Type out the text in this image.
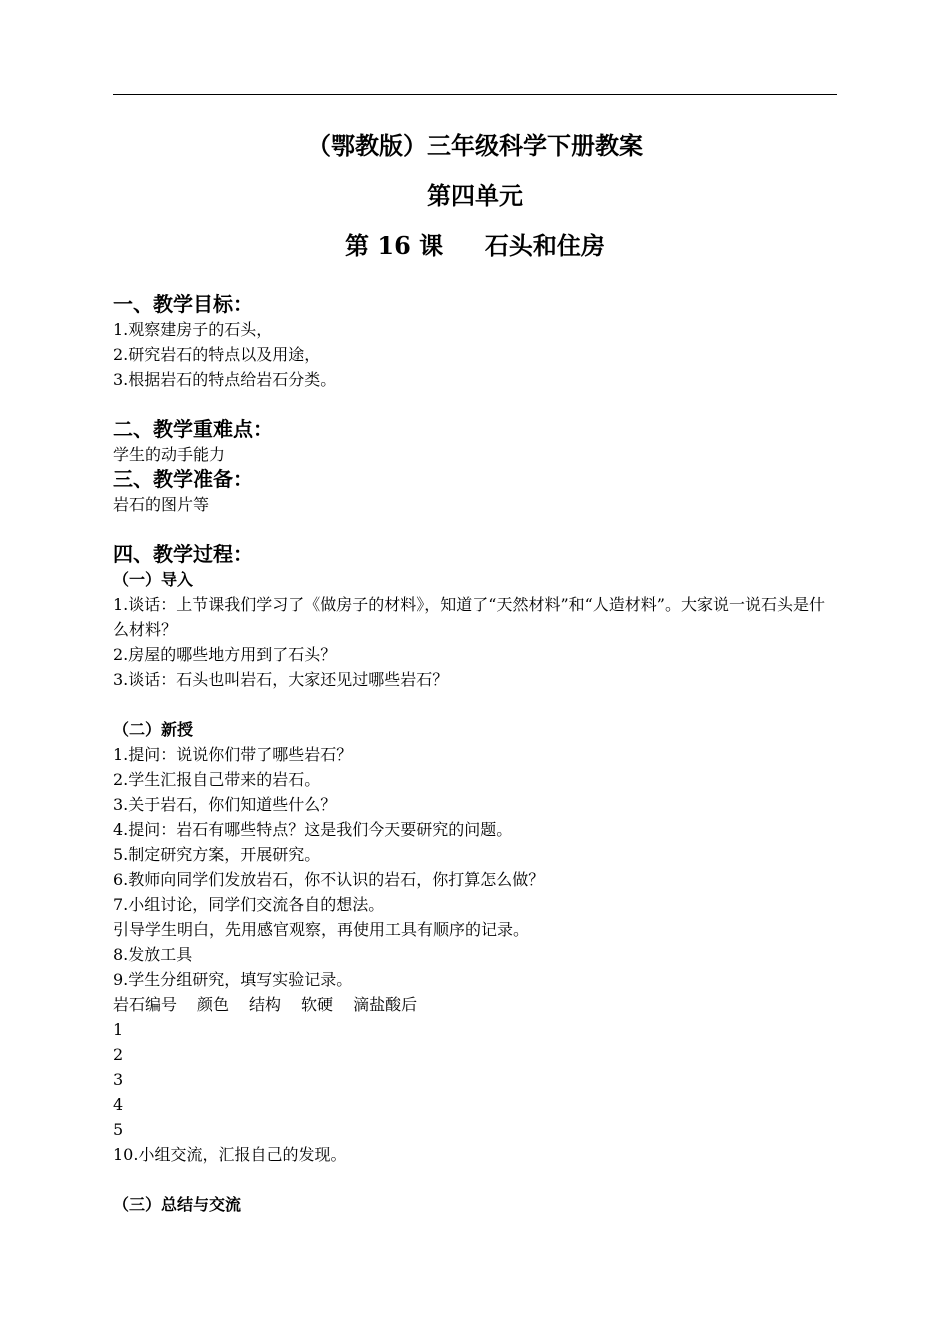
（鄂教版）三年级科学下册教案
第四单元
第 16 课     石头和住房
一、教学目标：
1.观察建房子的石头，
2.研究岩石的特点以及用途，
3.根据岩石的特点给岩石分类。
二、教学重难点：
学生的动手能力
三、教学准备：
岩石的图片等
四、教学过程：
（一）导入
1.谈话：上节课我们学习了《做房子的材料》，知道了“天然材料”和“人造材料”。大家说一说石头是什么材料？
2.房屋的哪些地方用到了石头？
3.谈话：石头也叫岩石，大家还见过哪些岩石？
（二）新授
1.提问：说说你们带了哪些岩石？
2.学生汇报自己带来的岩石。
3.关于岩石，你们知道些什么？
4.提问：岩石有哪些特点？这是我们今天要研究的问题。
5.制定研究方案，开展研究。
6.教师向同学们发放岩石，你不认识的岩石，你打算怎么做？
7.小组讨论，同学们交流各自的想法。
引导学生明白，先用感官观察，再使用工具有顺序的记录。
8.发放工具
9.学生分组研究，填写实验记录。
岩石编号 颜色 结构 软硬 滴盐酸后
1
2
3
4
5
10.小组交流，汇报自己的发现。
（三）总结与交流
